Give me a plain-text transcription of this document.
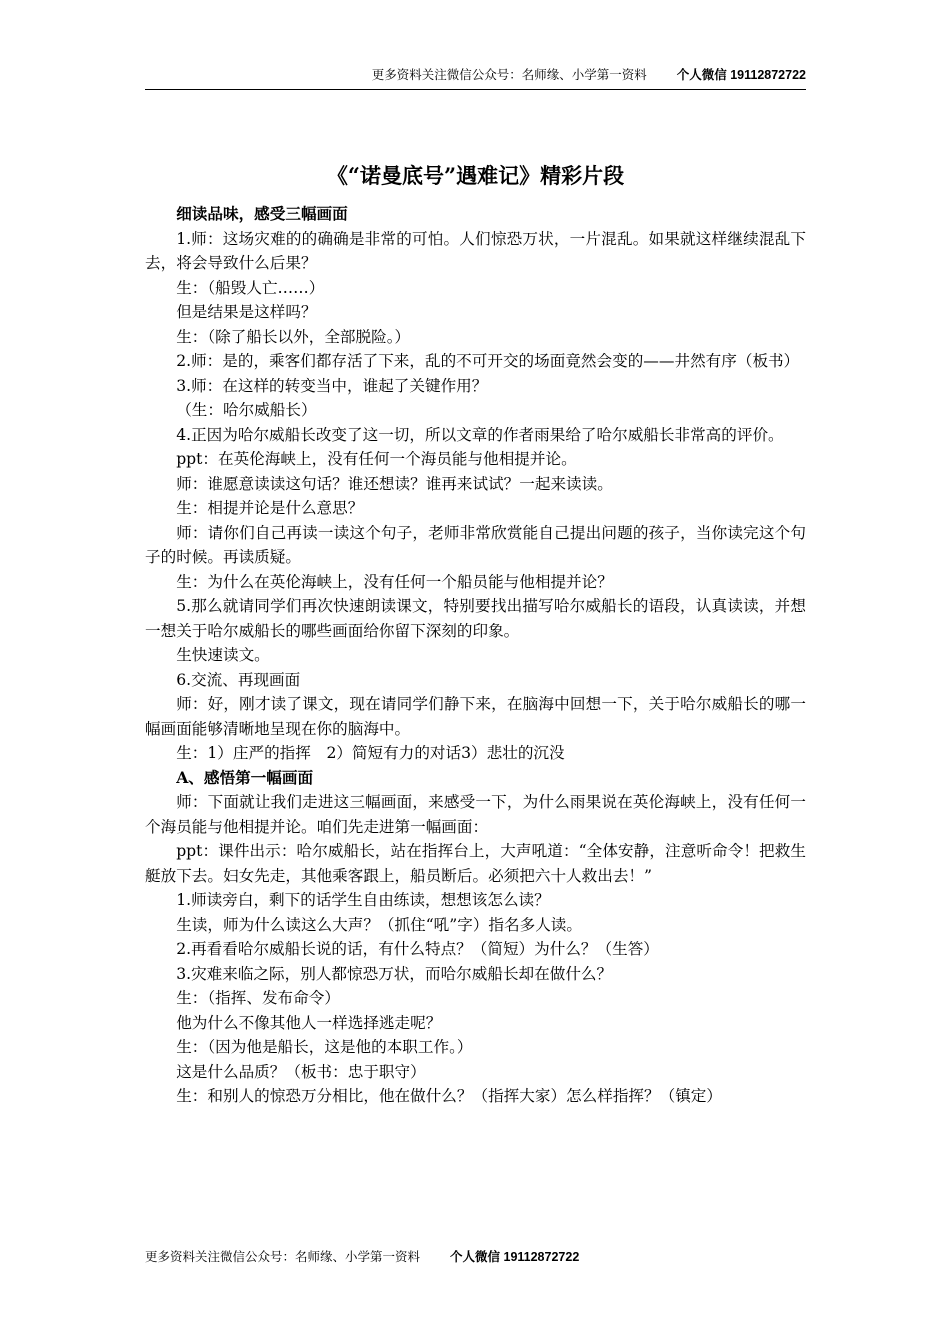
更多资料关注微信公众号：名师缘、小学第一资料 个人微信 19112872722
《“诺曼底号”遇难记》精彩片段

细读品味，感受三幅画面

1.师：这场灾难的的确确是非常的可怕。人们惊恐万状，一片混乱。如果就这样继续混乱下去，将会导致什么后果？

生：（船毁人亡……）

但是结果是这样吗？

生：（除了船长以外，全部脱险。）

2.师：是的，乘客们都存活了下来，乱的不可开交的场面竟然会变的——井然有序（板书）

3.师：在这样的转变当中，谁起了关键作用？

（生：哈尔威船长）

4.正因为哈尔威船长改变了这一切，所以文章的作者雨果给了哈尔威船长非常高的评价。

ppt：在英伦海峡上，没有任何一个海员能与他相提并论。

师：谁愿意读读这句话？谁还想读？谁再来试试？一起来读读。

生：相提并论是什么意思？

师：请你们自己再读一读这个句子，老师非常欣赏能自己提出问题的孩子，当你读完这个句子的时候。再读质疑。

生：为什么在英伦海峡上，没有任何一个船员能与他相提并论？

5.那么就请同学们再次快速朗读课文，特别要找出描写哈尔威船长的语段，认真读读，并想一想关于哈尔威船长的哪些画面给你留下深刻的印象。

生快速读文。

6.交流、再现画面

师：好，刚才读了课文，现在请同学们静下来，在脑海中回想一下，关于哈尔威船长的哪一幅画面能够清晰地呈现在你的脑海中。

生：1）庄严的指挥　2）简短有力的对话3）悲壮的沉没

A、感悟第一幅画面

师：下面就让我们走进这三幅画面，来感受一下，为什么雨果说在英伦海峡上，没有任何一个海员能与他相提并论。咱们先走进第一幅画面：

ppt：课件出示：哈尔威船长，站在指挥台上，大声吼道：“全体安静，注意听命令！把救生艇放下去。妇女先走，其他乘客跟上，船员断后。必须把六十人救出去！”

1.师读旁白，剩下的话学生自由练读，想想该怎么读？

生读，师为什么读这么大声？（抓住“吼”字）指名多人读。

2.再看看哈尔威船长说的话，有什么特点？（简短）为什么？（生答）

3.灾难来临之际，别人都惊恐万状，而哈尔威船长却在做什么？

生：（指挥、发布命令）

他为什么不像其他人一样选择逃走呢？

生：（因为他是船长，这是他的本职工作。）

这是什么品质？（板书：忠于职守）

生：和别人的惊恐万分相比，他在做什么？（指挥大家）怎么样指挥？（镇定）

更多资料关注微信公众号：名师缘、小学第一资料 个人微信 19112872722
